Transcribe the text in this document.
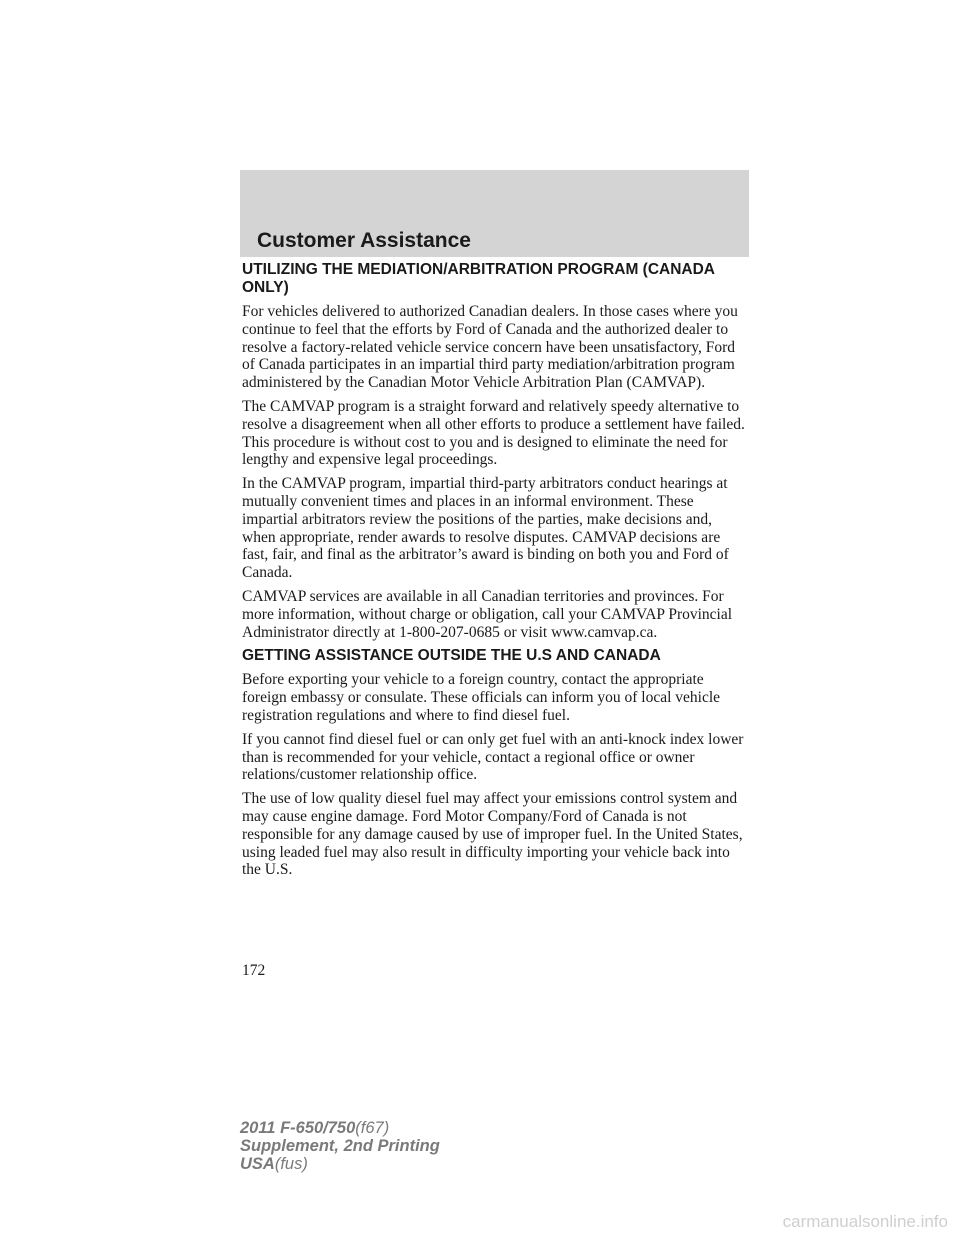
Customer Assistance
UTILIZING THE MEDIATION/ARBITRATION PROGRAM (CANADA ONLY)

For vehicles delivered to authorized Canadian dealers. In those cases where you continue to feel that the efforts by Ford of Canada and the authorized dealer to resolve a factory-related vehicle service concern have been unsatisfactory, Ford of Canada participates in an impartial third party mediation/arbitration program administered by the Canadian Motor Vehicle Arbitration Plan (CAMVAP).

The CAMVAP program is a straight forward and relatively speedy alternative to resolve a disagreement when all other efforts to produce a settlement have failed. This procedure is without cost to you and is designed to eliminate the need for lengthy and expensive legal proceedings.

In the CAMVAP program, impartial third-party arbitrators conduct hearings at mutually convenient times and places in an informal environment. These impartial arbitrators review the positions of the parties, make decisions and, when appropriate, render awards to resolve disputes. CAMVAP decisions are fast, fair, and final as the arbitrator’s award is binding on both you and Ford of Canada.

CAMVAP services are available in all Canadian territories and provinces. For more information, without charge or obligation, call your CAMVAP Provincial Administrator directly at 1-800-207-0685 or visit www.camvap.ca.

GETTING ASSISTANCE OUTSIDE THE U.S AND CANADA

Before exporting your vehicle to a foreign country, contact the appropriate foreign embassy or consulate. These officials can inform you of local vehicle registration regulations and where to find diesel fuel.

If you cannot find diesel fuel or can only get fuel with an anti-knock index lower than is recommended for your vehicle, contact a regional office or owner relations/customer relationship office.

The use of low quality diesel fuel may affect your emissions control system and may cause engine damage. Ford Motor Company/Ford of Canada is not responsible for any damage caused by use of improper fuel. In the United States, using leaded fuel may also result in difficulty importing your vehicle back into the U.S.

172

2011 F-650/750(f67)
Supplement, 2nd Printing
USA(fus)
carmanualsonline.info
